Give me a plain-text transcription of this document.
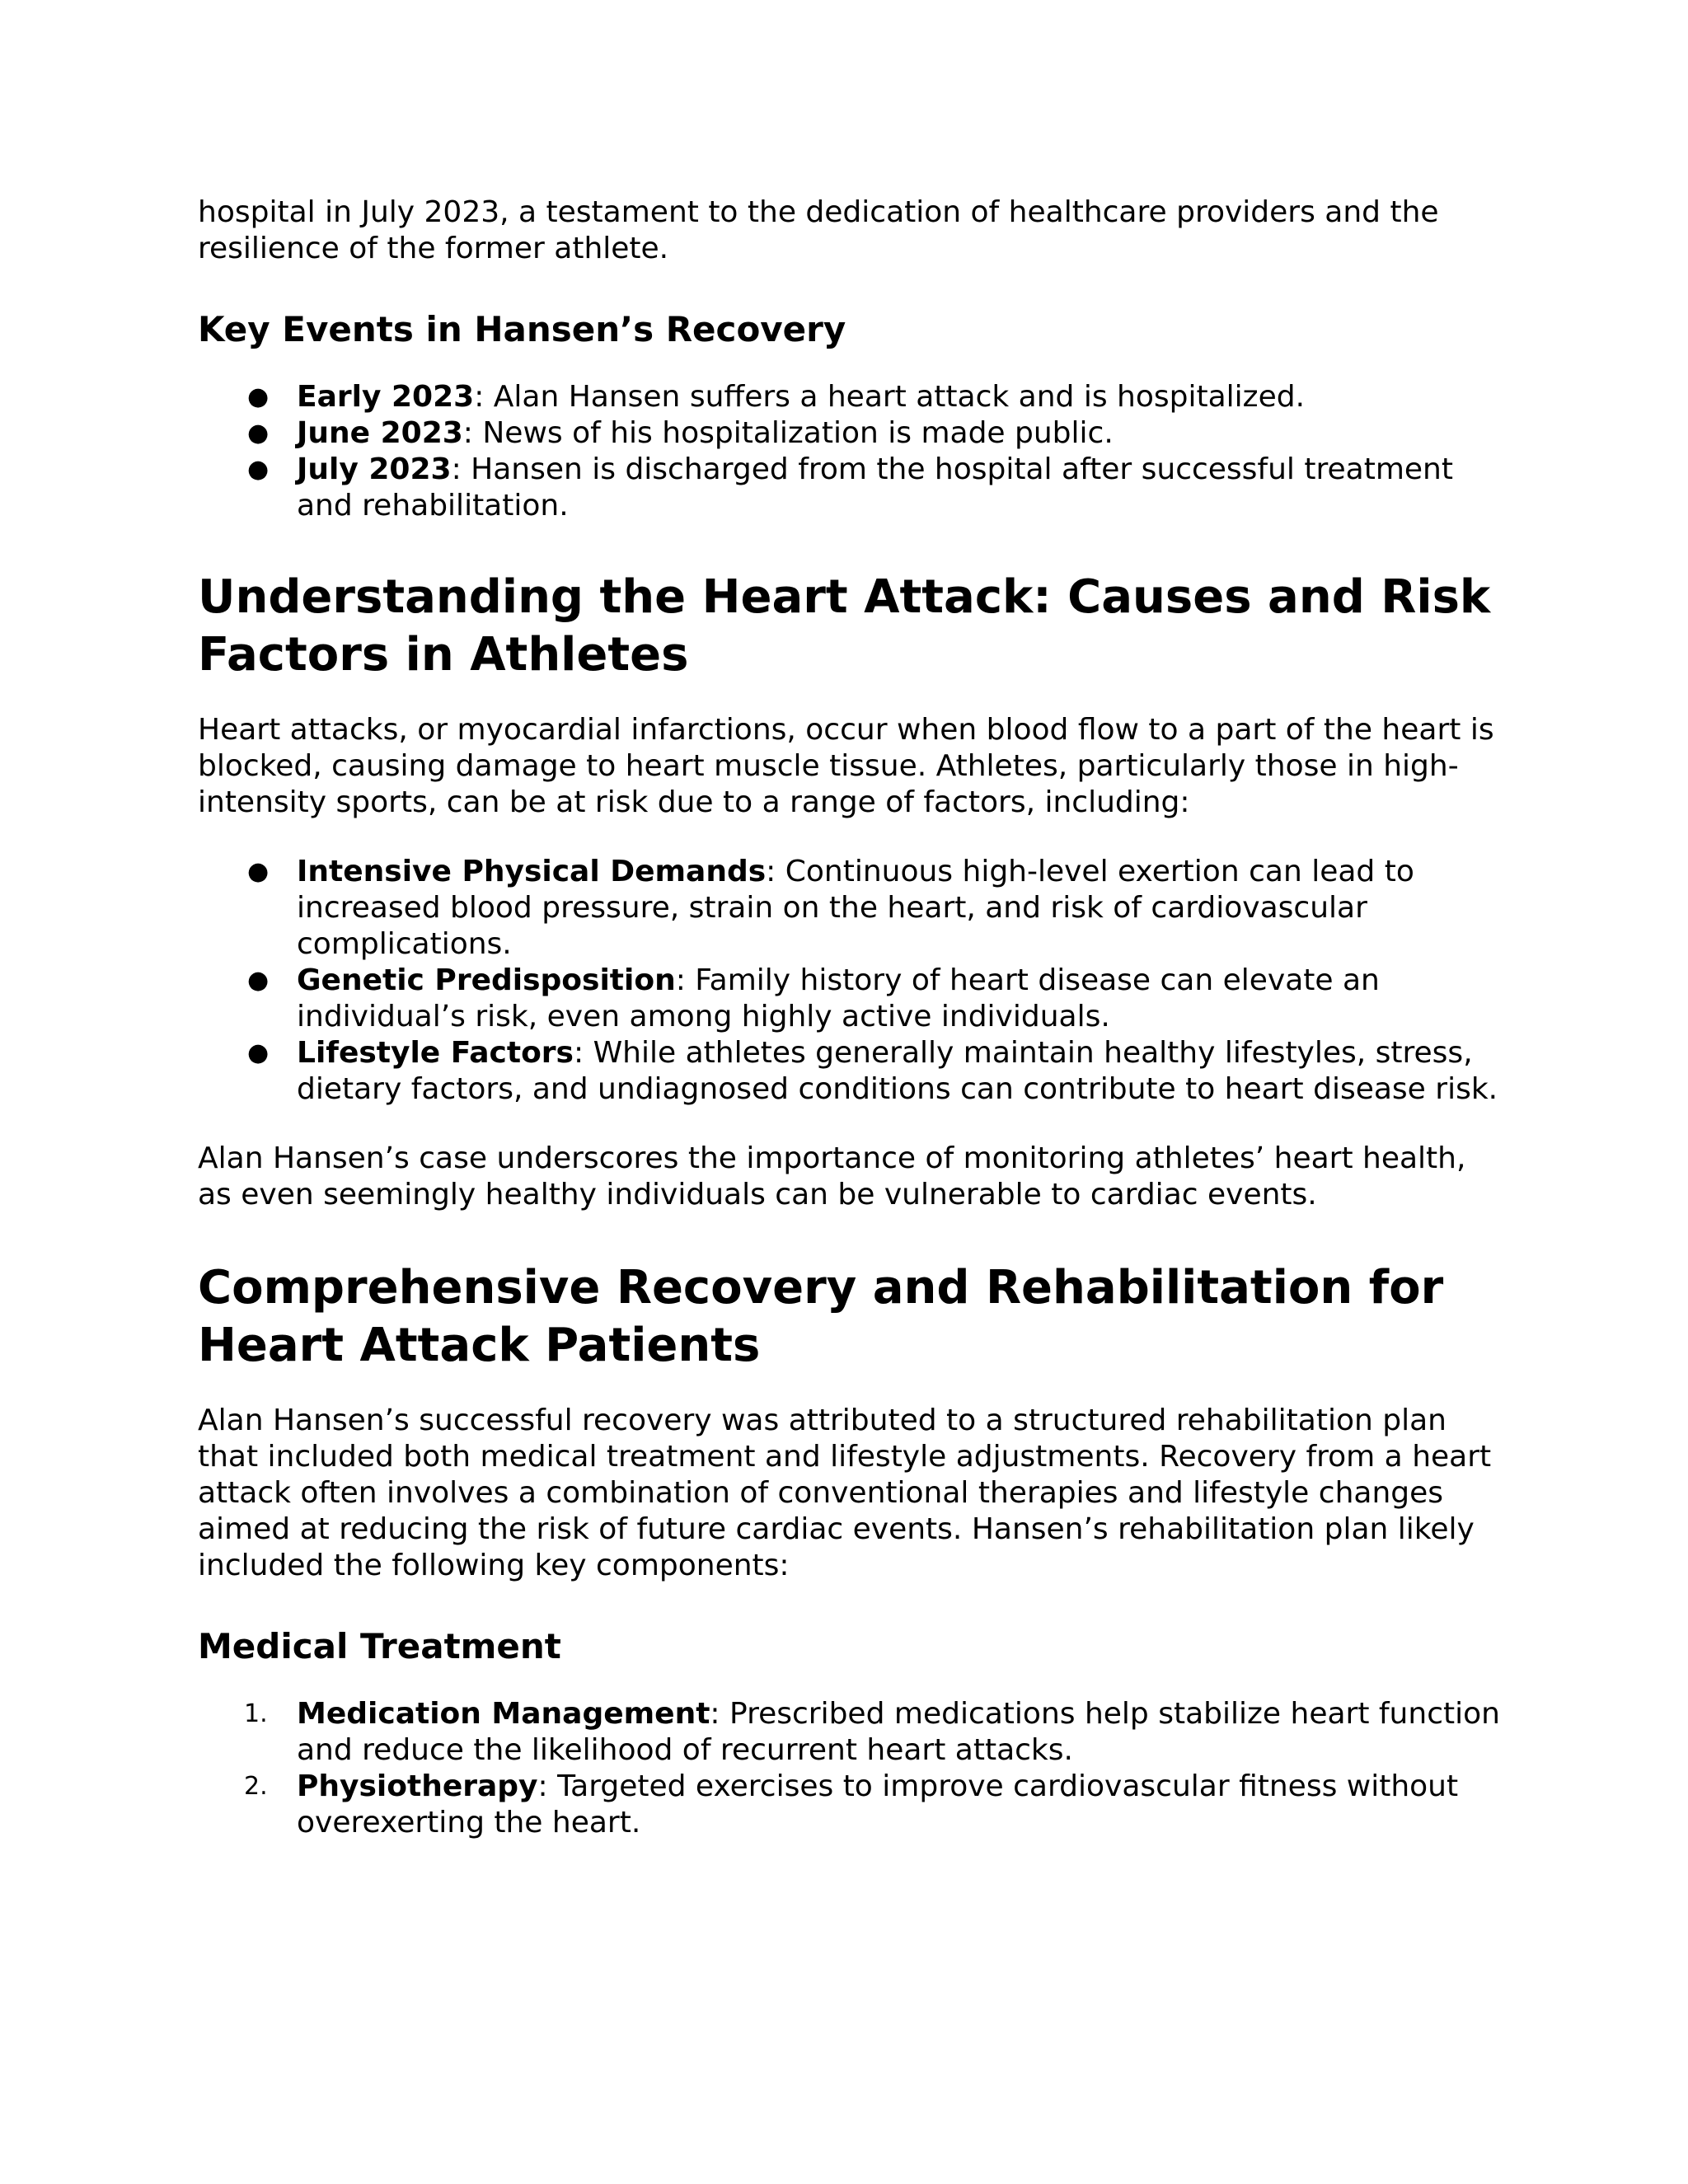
hospital in July 2023, a testament to the dedication of healthcare providers and the resilience of the former athlete.

Key Events in Hansen’s Recovery
● Early 2023: Alan Hansen suffers a heart attack and is hospitalized.
● June 2023: News of his hospitalization is made public.
● July 2023: Hansen is discharged from the hospital after successful treatment and rehabilitation.
Understanding the Heart Attack: Causes and Risk Factors in Athletes

Heart attacks, or myocardial infarctions, occur when blood flow to a part of the heart is blocked, causing damage to heart muscle tissue. Athletes, particularly those in high-intensity sports, can be at risk due to a range of factors, including:

● Intensive Physical Demands: Continuous high-level exertion can lead to increased blood pressure, strain on the heart, and risk of cardiovascular complications.
● Genetic Predisposition: Family history of heart disease can elevate an individual’s risk, even among highly active individuals.
● Lifestyle Factors: While athletes generally maintain healthy lifestyles, stress, dietary factors, and undiagnosed conditions can contribute to heart disease risk.

Alan Hansen’s case underscores the importance of monitoring athletes’ heart health, as even seemingly healthy individuals can be vulnerable to cardiac events.

Comprehensive Recovery and Rehabilitation for Heart Attack Patients

Alan Hansen’s successful recovery was attributed to a structured rehabilitation plan that included both medical treatment and lifestyle adjustments. Recovery from a heart attack often involves a combination of conventional therapies and lifestyle changes aimed at reducing the risk of future cardiac events. Hansen’s rehabilitation plan likely included the following key components:

Medical Treatment
1. Medication Management: Prescribed medications help stabilize heart function and reduce the likelihood of recurrent heart attacks.
2. Physiotherapy: Targeted exercises to improve cardiovascular fitness without overexerting the heart.
